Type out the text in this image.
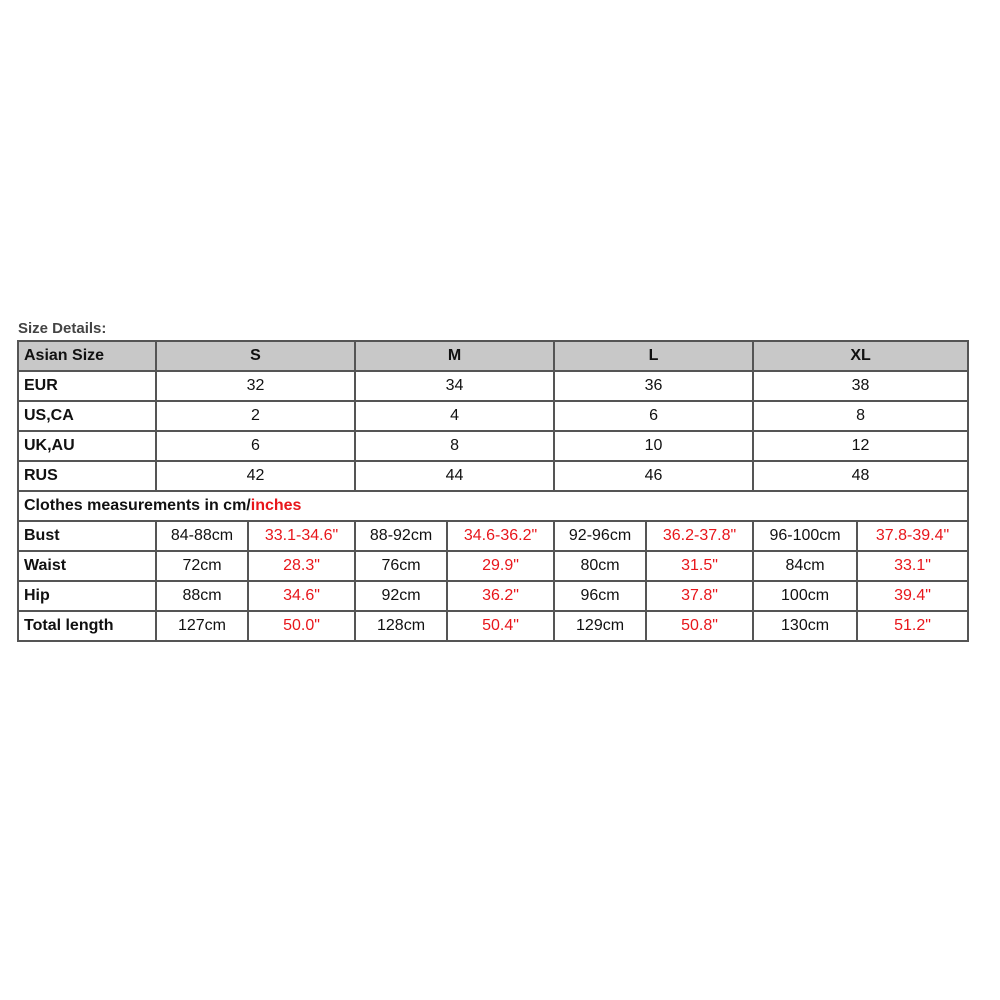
Size Details:
Asian Size	S		M		L		XL	
EUR	32		34		36		38	
US,CA	2		4		6		8	
UK,AU	6		8		10		12	
RUS	42		44		46		48	
Clothes measurements in cm/inches								
Bust	84-88cm	33.1-34.6"	88-92cm	34.6-36.2"	92-96cm	36.2-37.8"	96-100cm	37.8-39.4"
Waist	72cm	28.3"	76cm	29.9"	80cm	31.5"	84cm	33.1"
Hip	88cm	34.6"	92cm	36.2"	96cm	37.8"	100cm	39.4"
Total length	127cm	50.0"	128cm	50.4"	129cm	50.8"	130cm	51.2"
